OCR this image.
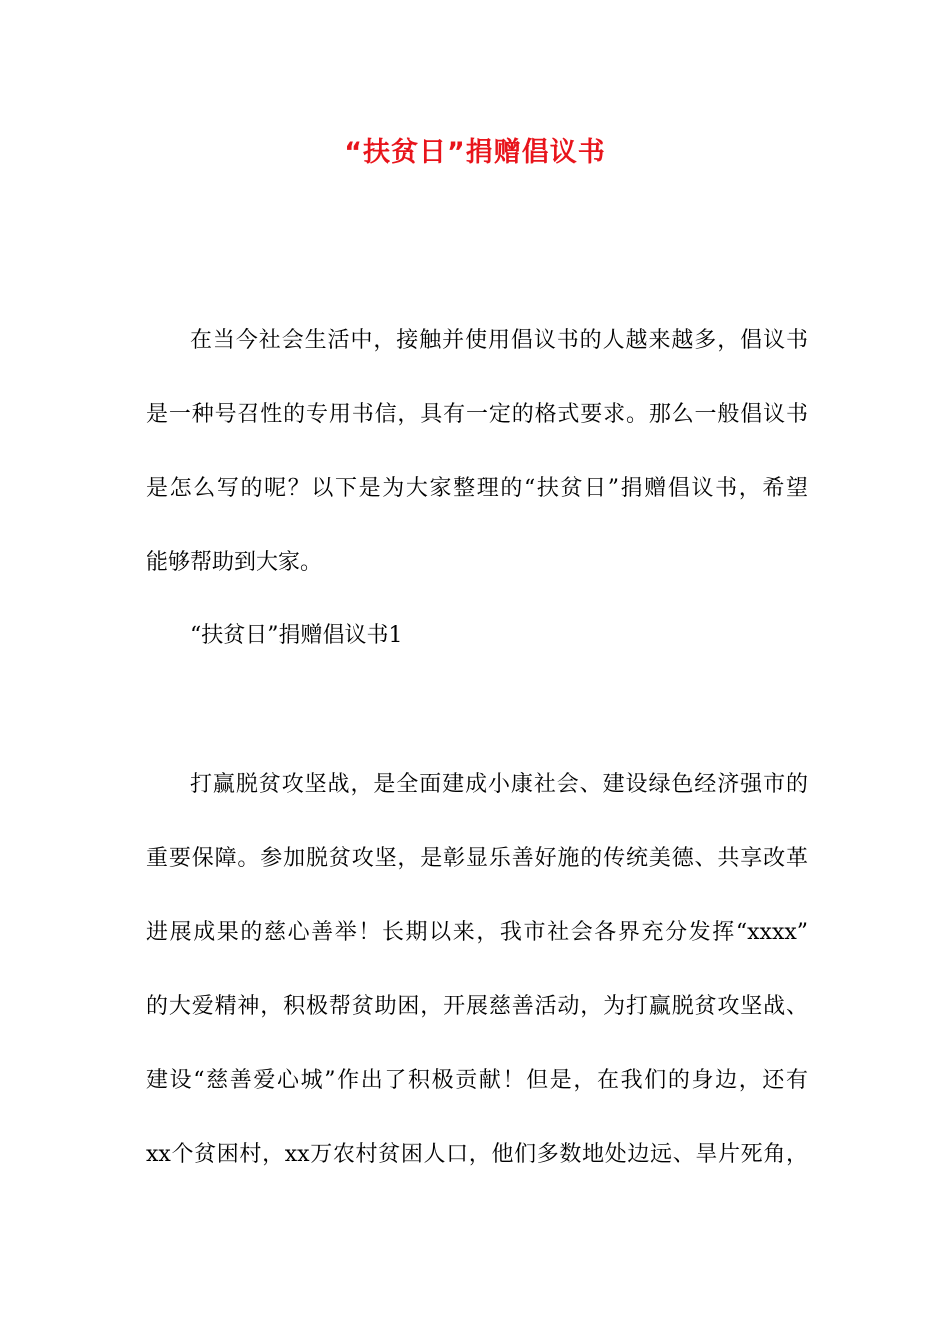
“扶贫日”捐赠倡议书
在当今社会生活中，接触并使用倡议书的人越来越多，倡议书
是一种号召性的专用书信，具有一定的格式要求。那么一般倡议书
是怎么写的呢？以下是为大家整理的“扶贫日”捐赠倡议书，希望
能够帮助到大家。
“扶贫日”捐赠倡议书1
打赢脱贫攻坚战，是全面建成小康社会、建设绿色经济强市的
重要保障。参加脱贫攻坚，是彰显乐善好施的传统美德、共享改革
进展成果的慈心善举！长期以来，我市社会各界充分发挥“xxxx”
的大爱精神，积极帮贫助困，开展慈善活动，为打赢脱贫攻坚战、
建设“慈善爱心城”作出了积极贡献！但是，在我们的身边，还有
xx个贫困村，xx万农村贫困人口，他们多数地处边远、旱片死角，
